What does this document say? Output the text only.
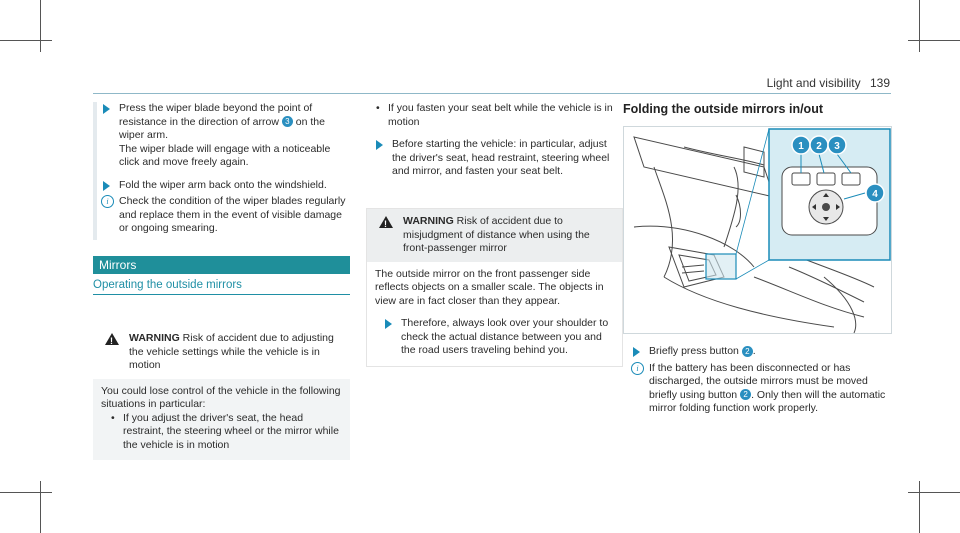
Light and visibility 139
Press the wiper blade beyond the point of resistance in the direction of arrow 3 on the wiper arm.
The wiper blade will engage with a noticeable click and move freely again.
Fold the wiper arm back onto the windshield.
i Check the condition of the wiper blades regularly and replace them in the event of visible damage or ongoing smearing.
Mirrors
Operating the outside mirrors
! WARNING Risk of accident due to adjusting the vehicle settings while the vehicle is in motion
You could lose control of the vehicle in the following situations in particular:
• If you adjust the driver's seat, the head restraint, the steering wheel or the mirror while the vehicle is in motion
• If you fasten your seat belt while the vehicle is in motion
Before starting the vehicle: in particular, adjust the driver's seat, head restraint, steering wheel and mirror, and fasten your seat belt.
! WARNING Risk of accident due to misjudgment of distance when using the front-passenger mirror
The outside mirror on the front passenger side reflects objects on a smaller scale. The objects in view are in fact closer than they appear.
Therefore, always look over your shoulder to check the actual distance between you and the road users traveling behind you.
Folding the outside mirrors in/out
1 2 3
4
Briefly press button 2 .
i If the battery has been disconnected or has discharged, the outside mirrors must be moved briefly using button 2 . Only then will the automatic mirror folding function work properly.
